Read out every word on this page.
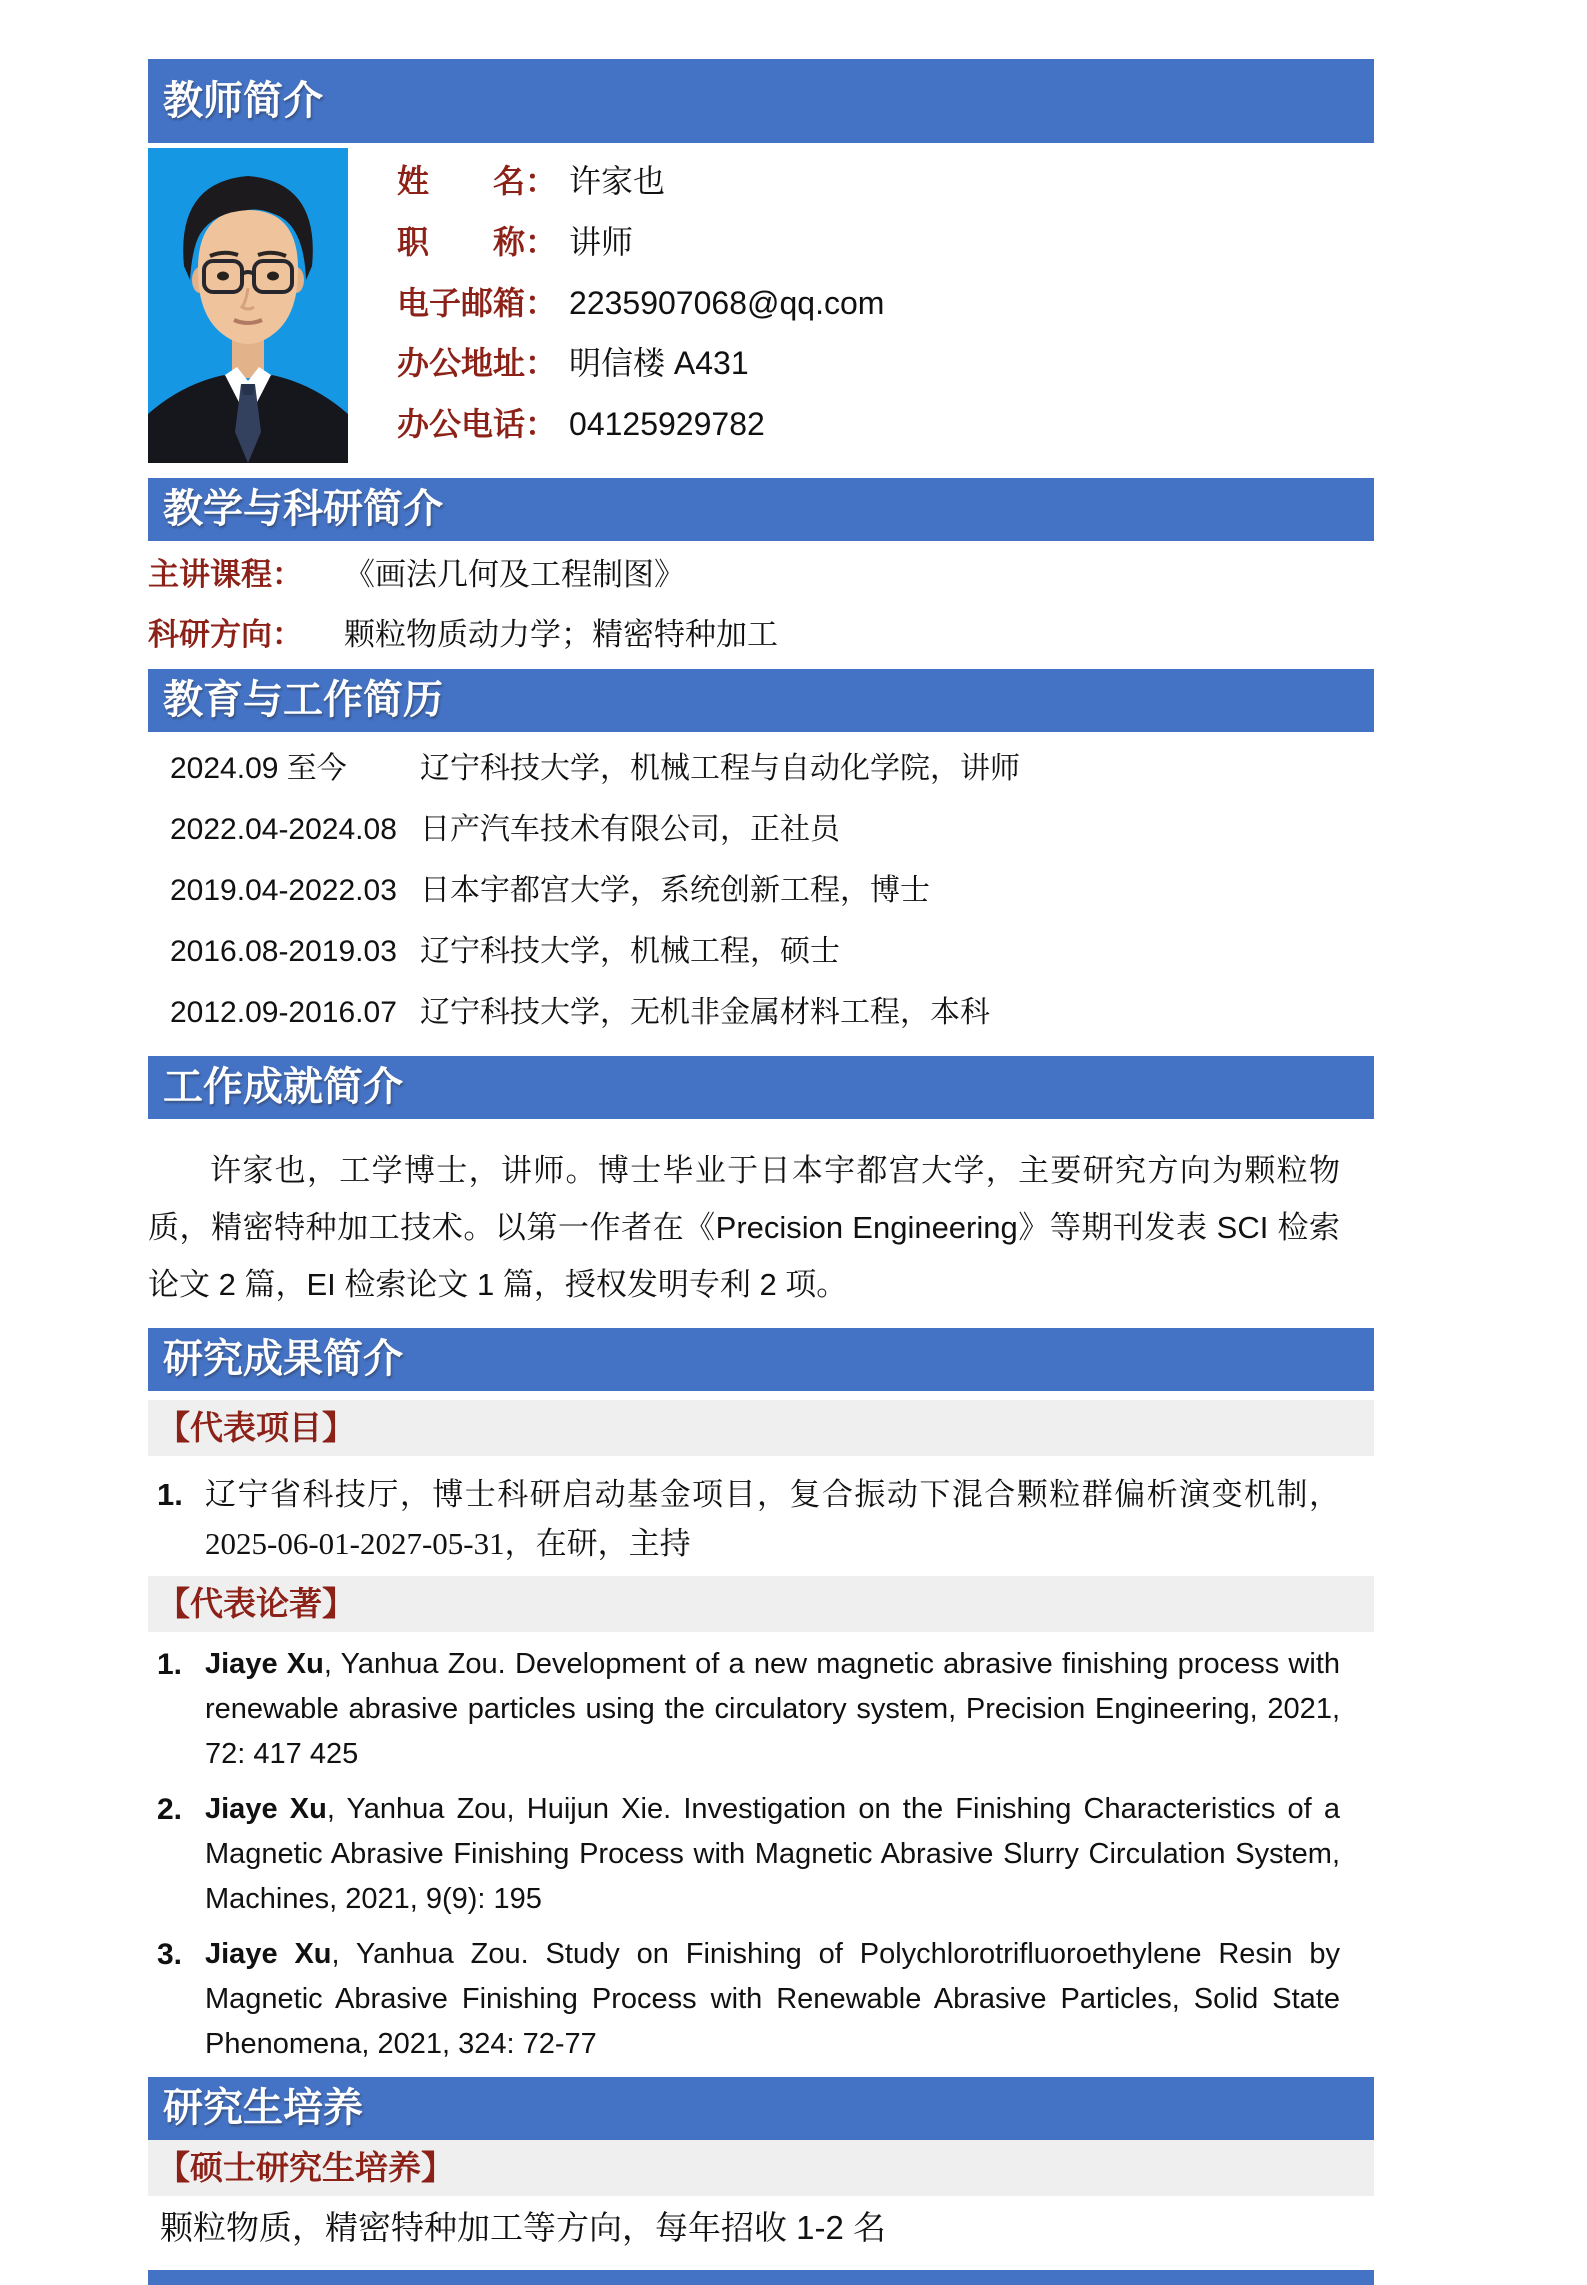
教师简介
姓　　名： 许家也
职　　称： 讲师
电子邮箱： 2235907068@qq.com
办公地址： 明信楼 A431
办公电话： 04125929782
教学与科研简介
主讲课程： 《画法几何及工程制图》
科研方向： 颗粒物质动力学；精密特种加工
教育与工作简历
2024.09 至今 辽宁科技大学，机械工程与自动化学院，讲师
2022.04-2024.08 日产汽车技术有限公司，正社员
2019.04-2022.03 日本宇都宫大学，系统创新工程，博士
2016.08-2019.03 辽宁科技大学，机械工程，硕士
2012.09-2016.07 辽宁科技大学，无机非金属材料工程，本科
工作成就简介

许家也，工学博士，讲师。博士毕业于日本宇都宫大学，主要研究方向为颗粒物质，精密特种加工技术。以第一作者在《Precision Engineering》等期刊发表 SCI 检索论文 2 篇，EI 检索论文 1 篇，授权发明专利 2 项。

研究成果简介
【代表项目】
1. 辽宁省科技厅，博士科研启动基金项目，复合振动下混合颗粒群偏析演变机制，
2025-06-01-2027-05-31，在研，主持
【代表论著】
1. Jiaye Xu, Yanhua Zou. Development of a new magnetic abrasive finishing process with renewable abrasive particles using the circulatory system, Precision Engineering, 2021, 72: 417 425
2. Jiaye Xu, Yanhua Zou, Huijun Xie. Investigation on the Finishing Characteristics of a Magnetic Abrasive Finishing Process with Magnetic Abrasive Slurry Circulation System, Machines, 2021, 9(9): 195
3. Jiaye Xu, Yanhua Zou. Study on Finishing of Polychlorotrifluoroethylene Resin by Magnetic Abrasive Finishing Process with Renewable Abrasive Particles, Solid State Phenomena, 2021, 324: 72-77
研究生培养
【硕士研究生培养】

颗粒物质，精密特种加工等方向，每年招收 1-2 名
